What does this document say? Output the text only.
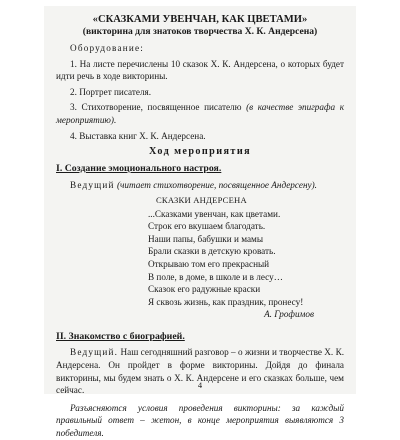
«СКАЗКАМИ УВЕНЧАН, КАК ЦВЕТАМИ»

(викторина для знатоков творчества Х. К. Андерсена)

Оборудование:

1. На листе перечислены 10 сказок Х. К. Андерсена, о которых будет идти речь в ходе викторины.

2. Портрет писателя.

3. Стихотворение, посвященное писателю (в качестве эпиграфа к мероприятию).

4. Выставка книг Х. К. Андерсена.

Ход мероприятия

I. Создание эмоционального настроя.

Ведущий (читает стихотворение, посвященное Андерсену).

СКАЗКИ АНДЕРСЕНА

...Сказками увенчан, как цветами.

Строк его вкушаем благодать.

Наши папы, бабушки и мамы

Брали сказки в детскую кровать.

Открываю том его прекрасный

В поле, в доме, в школе и в лесу…

Сказок его радужные краски

Я сквозь жизнь, как праздник, пронесу!

А. Грофимов

II. Знакомство с биографией.

Ведущий. Наш сегодняшний разговор – о жизни и творчестве Х. К. Андерсена. Он пройдет в форме викторины. Дойдя до финала викторины, мы будем знать о Х. К. Андерсене и его сказках больше, чем сейчас.

Разъясняются условия проведения викторины: за каждый правильный ответ – жетон, в конце мероприятия выявляются 3 победителя.

4
